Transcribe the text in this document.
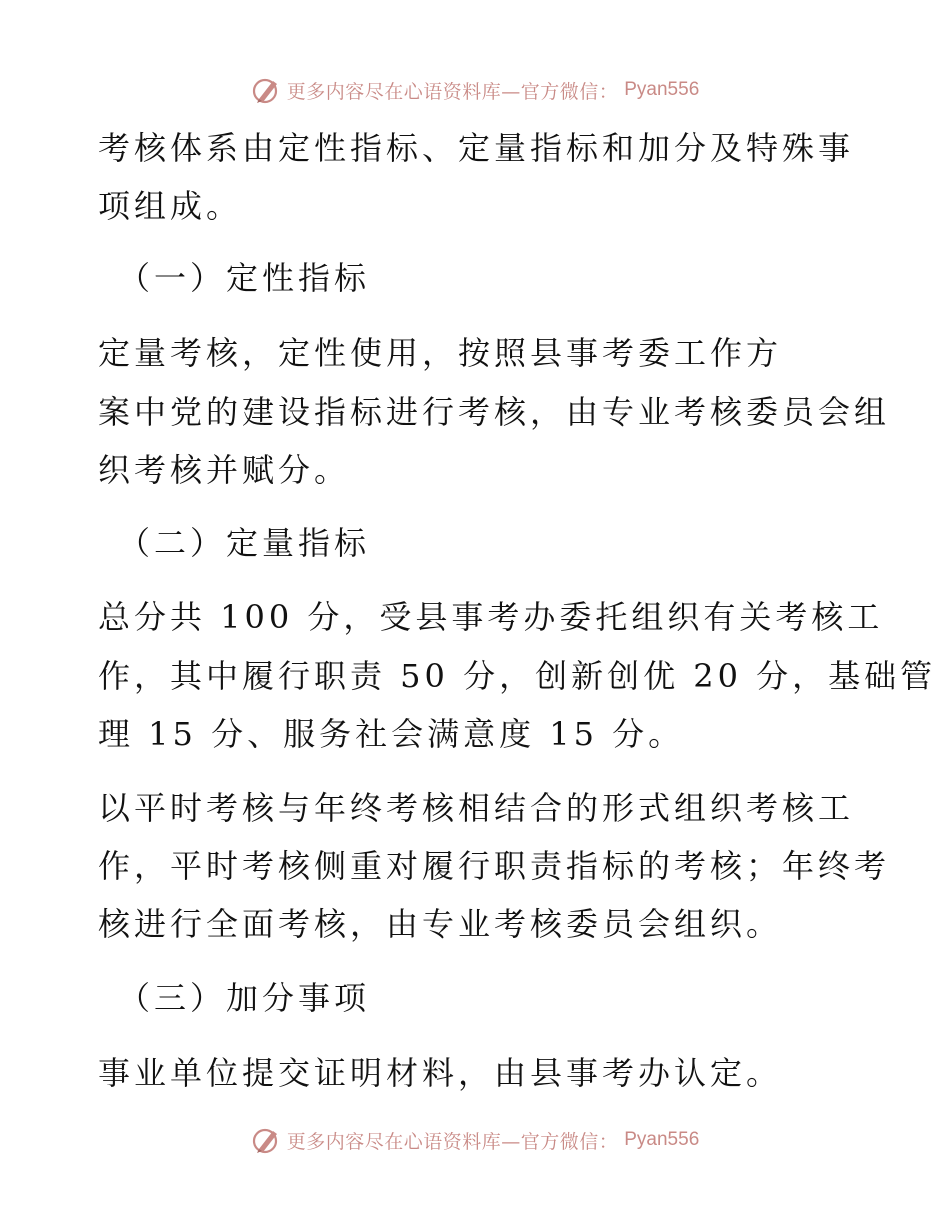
更多内容尽在心语资料库—官方微信： Pyan556
考核体系由定性指标、定量指标和加分及特殊事
项组成。
（一）定性指标
定量考核，定性使用，按照县事考委工作方
案中党的建设指标进行考核，由专业考核委员会组
织考核并赋分。
（二）定量指标
总分共 100 分，受县事考办委托组织有关考核工
作，其中履行职责 50 分，创新创优 20 分，基础管
理 15 分、服务社会满意度 15 分。
以平时考核与年终考核相结合的形式组织考核工
作，平时考核侧重对履行职责指标的考核；年终考
核进行全面考核，由专业考核委员会组织。
（三）加分事项
事业单位提交证明材料，由县事考办认定。
更多内容尽在心语资料库—官方微信： Pyan556
